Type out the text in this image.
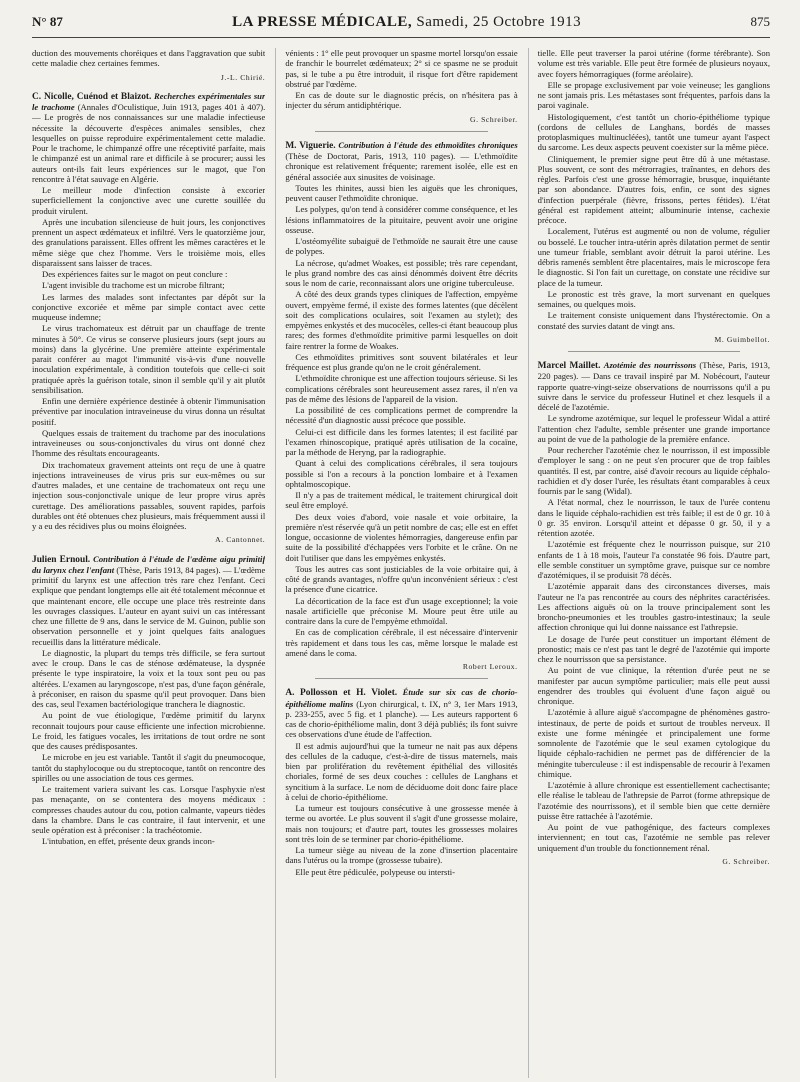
N° 87	LA PRESSE MÉDICALE, Samedi, 25 Octobre 1913	875

duction des mouvements choréiques et dans l'aggravation que subit cette maladie chez certaines femmes.

J.-L. Chirié.

C. Nicolle, Cuénod et Blaizot. Recherches expérimentales sur le trachome (Annales d'Oculistique, Juin 1913, pages 401 à 407). — Le progrès de nos connaissances sur une maladie infectieuse nécessite la découverte d'espèces animales sensibles, chez lesquelles on puisse reproduire expérimentalement cette maladie. Pour le trachome, le chimpanzé offre une réceptivité parfaite, mais le chimpanzé est un animal rare et difficile à se procurer; aussi les auteurs ont-ils fait leurs expériences sur le magot, que l'on rencontre à l'état sauvage en Algérie.

Le meilleur mode d'infection consiste à excorier superficiellement la conjonctive avec une curette souillée du produit virulent.

Après une incubation silencieuse de huit jours, les conjonctives prennent un aspect œdémateux et infiltré. Vers le quatorzième jour, des granulations paraissent. Elles offrent les mêmes caractères et le même siège que chez l'homme. Vers le troisième mois, elles disparaissent sans laisser de traces.

Des expériences faites sur le magot on peut conclure :

L'agent invisible du trachome est un microbe filtrant;

Les larmes des malades sont infectantes par dépôt sur la conjonctive excoriée et même par simple contact avec cette muqueuse indemne;

Le virus trachomateux est détruit par un chauffage de trente minutes à 50°. Ce virus se conserve plusieurs jours (sept jours au moins) dans la glycérine. Une première atteinte expérimentale parait conférer au magot l'immunité vis-à-vis d'une nouvelle inoculation expérimentale, à condition toutefois que celle-ci soit pratiquée après la guérison totale, sinon il semble qu'il y ait plutôt sensibilisation.

Enfin une dernière expérience destinée à obtenir l'immunisation préventive par inoculation intraveineuse du virus donna un résultat positif.

Quelques essais de traitement du trachome par des inoculations intraveineuses ou sous-conjonctivales du virus ont donné chez l'homme des résultats encourageants.

Dix trachomateux gravement atteints ont reçu de une à quatre injections intraveineuses de virus pris sur eux-mêmes ou sur d'autres malades, et une centaine de trachomateux ont reçu une injection sous-conjonctivale unique de leur propre virus après curettage. Des améliorations passables, souvent rapides, parfois durables ont été obtenues chez plusieurs, mais fréquemment aussi il y a eu des récidives plus ou moins éloignées.

A. Cantonnet.

Julien Ernoul. Contribution à l'étude de l'œdème aigu primitif du larynx chez l'enfant (Thèse, Paris 1913, 84 pages). — L'œdème primitif du larynx est une affection très rare chez l'enfant. Ceci explique que pendant longtemps elle ait été totalement méconnue et que maintenant encore, elle occupe une place très restreinte dans les ouvrages classiques. L'auteur en ayant suivi un cas intéressant chez une fillette de 9 ans, dans le service de M. Guinon, publie son observation personnelle et y joint quelques faits analogues recueillis dans la littérature médicale.

Le diagnostic, la plupart du temps très difficile, se fera surtout avec le croup. Dans le cas de sténose œdémateuse, la dyspnée présente le type inspiratoire, la voix et la toux sont peu ou pas altérées. L'examen au laryngoscope, n'est pas, d'une façon générale, à préconiser, en raison du spasme qu'il peut provoquer. Dans bien des cas, seul l'examen bactériologique tranchera le diagnostic.

Au point de vue étiologique, l'œdème primitif du larynx reconnait toujours pour cause efficiente une infection microbienne. Le froid, les fatigues vocales, les irritations de tout ordre ne sont que des causes prédisposantes.

Le microbe en jeu est variable. Tantôt il s'agit du pneumocoque, tantôt du staphylocoque ou du streptocoque, tantôt on rencontre des spirilles ou une association de tous ces germes.

Le traitement variera suivant les cas. Lorsque l'asphyxie n'est pas menaçante, on se contentera des moyens médicaux : compresses chaudes autour du cou, potion calmante, vapeurs tièdes dans la chambre. Dans le cas contraire, il faut intervenir, et une seule opération est à préconiser : la trachéotomie.

L'intubation, en effet, présente deux grands incon-

vénients : 1° elle peut provoquer un spasme mortel lorsqu'on essaie de franchir le bourrelet œdémateux; 2° si ce spasme ne se produit pas, si le tube a pu être introduit, il risque fort d'être rapidement obstrué par l'œdème.

En cas de doute sur le diagnostic précis, on n'hésitera pas à injecter du sérum antidiphtérique.

G. Schreiber.

M. Viguerie. Contribution à l'étude des ethmoïdites chroniques (Thèse de Doctorat, Paris, 1913, 110 pages). — L'ethmoïdite chronique est relativement fréquente; rarement isolée, elle est en général associée aux sinusites de voisinage.

Toutes les rhinites, aussi bien les aiguës que les chroniques, peuvent causer l'ethmoïdite chronique.

Les polypes, qu'on tend à considérer comme conséquence, et les lésions inflammatoires de la pituitaire, peuvent avoir une origine osseuse.

L'ostéomyélite subaiguë de l'ethmoïde ne saurait être une cause de polypes.

La nécrose, qu'admet Woakes, est possible; très rare cependant, le plus grand nombre des cas ainsi dénommés doivent être décrits sous le nom de carie, reconnaissant alors une origine tuberculeuse.

A côté des deux grands types cliniques de l'affection, empyème ouvert, empyème fermé, il existe des formes latentes (que décèlent soit des complications oculaires, soit l'examen au stylet); des empyèmes enkystés et des mucocèles, celles-ci étant beaucoup plus rares; des formes d'ethmoïdite primitive parmi lesquelles on doit faire rentrer la forme de Woakes.

Ces ethmoïdites primitives sont souvent bilatérales et leur fréquence est plus grande qu'on ne le croit généralement.

L'ethmoïdite chronique est une affection toujours sérieuse. Si les complications cérébrales sont heureusement assez rares, il n'en va pas de même des lésions de l'appareil de la vision.

La possibilité de ces complications permet de comprendre la nécessité d'un diagnostic aussi précoce que possible.

Celui-ci est difficile dans les formes latentes; il est facilité par l'examen rhinoscopique, pratiqué après utilisation de la cocaïne, par la méthode de Heryng, par la radiographie.

Quant à celui des complications cérébrales, il sera toujours possible si l'on a recours à la ponction lombaire et à l'examen ophtalmoscopique.

Il n'y a pas de traitement médical, le traitement chirurgical doit seul être employé.

Des deux voies d'abord, voie nasale et voie orbitaire, la première n'est réservée qu'à un petit nombre de cas; elle est en effet longue, occasionne de violentes hémorragies, dangereuse enfin par suite de la possibilité d'échappées vers l'orbite et le crâne. On ne doit l'utiliser que dans les empyèmes enkystés.

Tous les autres cas sont justiciables de la voie orbitaire qui, à côté de grands avantages, n'offre qu'un inconvénient sérieux : c'est la présence d'une cicatrice.

La décortication de la face est d'un usage exceptionnel; la voie nasale artificielle que préconise M. Moure peut être utile au contraire dans la cure de l'empyème ethmoïdal.

En cas de complication cérébrale, il est nécessaire d'intervenir très rapidement et dans tous les cas, même lorsque le malade est amené dans le coma.

Robert Leroux.

A. Pollosson et H. Violet. Étude sur six cas de chorio-épithéliome malins (Lyon chirurgical, t. IX, n° 3, 1er Mars 1913, p. 233-255, avec 5 fig. et 1 planche). — Les auteurs rapportent 6 cas de chorio-épithéliome malin, dont 3 déjà publiés; ils font suivre ces observations d'une étude de l'affection.

Il est admis aujourd'hui que la tumeur ne nait pas aux dépens des cellules de la caduque, c'est-à-dire de tissus maternels, mais bien par prolifération du revêtement épithélial des villosités choriales, formé de ses deux couches : cellules de Langhans et syncitium à la surface. Le nom de déciduome doit donc faire place à celui de chorio-épithéliome.

La tumeur est toujours consécutive à une grossesse menée à terme ou avortée. Le plus souvent il s'agit d'une grossesse molaire, mais non toujours; et d'autre part, toutes les grossesses molaires sont très loin de se terminer par chorio-épithéliome.

La tumeur siège au niveau de la zone d'insertion placentaire dans l'utérus ou la trompe (grossesse tubaire).

Elle peut être pédiculée, polypeuse ou intersti-

tielle. Elle peut traverser la paroi utérine (forme térébrante). Son volume est très variable. Elle peut être formée de plusieurs noyaux, avec foyers hémorragiques (forme aréolaire).

Elle se propage exclusivement par voie veineuse; les ganglions ne sont jamais pris. Les métastases sont fréquentes, parfois dans la paroi vaginale.

Histologiquement, c'est tantôt un chorio-épithéliome typique (cordons de cellules de Langhans, bordés de masses protoplasmiques multinucléées), tantôt une tumeur ayant l'aspect du sarcome. Les deux aspects peuvent coexister sur la même pièce.

Cliniquement, le premier signe peut être dû à une métastase. Plus souvent, ce sont des métrorragies, traînantes, en dehors des règles. Parfois c'est une grosse hémorragie, brusque, inquiétante par son abondance. D'autres fois, enfin, ce sont des signes d'infection puerpérale (fièvre, frissons, pertes fétides). L'état général est rapidement atteint; albuminurie intense, cachexie précoce.

Localement, l'utérus est augmenté ou non de volume, régulier ou bosselé. Le toucher intra-utérin après dilatation permet de sentir une tumeur friable, semblant avoir détruit la paroi utérine. Les débris ramenés semblent être placentaires, mais le microscope fera le diagnostic. Si l'on fait un curettage, on constate une récidive sur place de la tumeur.

Le pronostic est très grave, la mort survenant en quelques semaines, ou quelques mois.

Le traitement consiste uniquement dans l'hystérectomie. On a constaté des survies datant de vingt ans.

M. Guimbellot.

Marcel Maillet. Azotémie des nourrissons (Thèse, Paris, 1913, 220 pages). — Dans ce travail inspiré par M. Nobécourt, l'auteur rapporte quatre-vingt-seize observations de nourrissons qu'il a pu suivre dans le service du professeur Hutinel et chez lesquels il a décelé de l'azotémie.

Le syndrome azotémique, sur lequel le professeur Widal a attiré l'attention chez l'adulte, semble présenter une grande importance au point de vue de la pathologie de la première enfance.

Pour rechercher l'azotémie chez le nourrisson, il est impossible d'employer le sang : on ne peut s'en procurer que de trop faibles quantités. Il est, par contre, aisé d'avoir recours au liquide céphalo-rachidien et d'y doser l'urée, les résultats étant comparables à ceux fournis par le sang (Widal).

A l'état normal, chez le nourrisson, le taux de l'urée contenu dans le liquide céphalo-rachidien est très faible; il est de 0 gr. 10 à 0 gr. 35 environ. Lorsqu'il atteint et dépasse 0 gr. 50, il y a rétention azotée.

L'azotémie est fréquente chez le nourrisson puisque, sur 210 enfants de 1 à 18 mois, l'auteur l'a constatée 96 fois. D'autre part, elle semble constituer un symptôme grave, puisque sur ce nombre d'azotémiques, il se produisit 78 décès.

L'azotémie apparait dans des circonstances diverses, mais l'auteur ne l'a pas rencontrée au cours des néphrites caractérisées. Les affections aiguës où on la trouve principalement sont les broncho-pneumonies et les troubles gastro-intestinaux; la seule affection chronique qui lui donne naissance est l'athrepsie.

Le dosage de l'urée peut constituer un important élément de pronostic; mais ce n'est pas tant le degré de l'azotémie qui importe chez le nourrisson que sa persistance.

Au point de vue clinique, la rétention d'urée peut ne se manifester par aucun symptôme particulier; mais elle peut aussi engendrer des troubles qui évoluent d'une façon aiguë ou chronique.

L'azotémie à allure aiguë s'accompagne de phénomènes gastro-intestinaux, de perte de poids et surtout de troubles nerveux. Il existe une forme méningée et principalement une forme somnolente de l'azotémie que le seul examen cytologique du liquide céphalo-rachidien ne permet pas de différencier de la méningite tuberculeuse : il est indispensable de recourir à l'examen chimique.

L'azotémie à allure chronique est essentiellement cachectisante; elle réalise le tableau de l'athrepsie de Parrot (forme athrepsique de l'azotémie des nourrissons), et il semble bien que cette dernière puisse être rattachée à l'azotémie.

Au point de vue pathogénique, des facteurs complexes interviennent; en tout cas, l'azotémie ne semble pas relever uniquement d'un trouble du fonctionnement rénal.

G. Schreiber.
